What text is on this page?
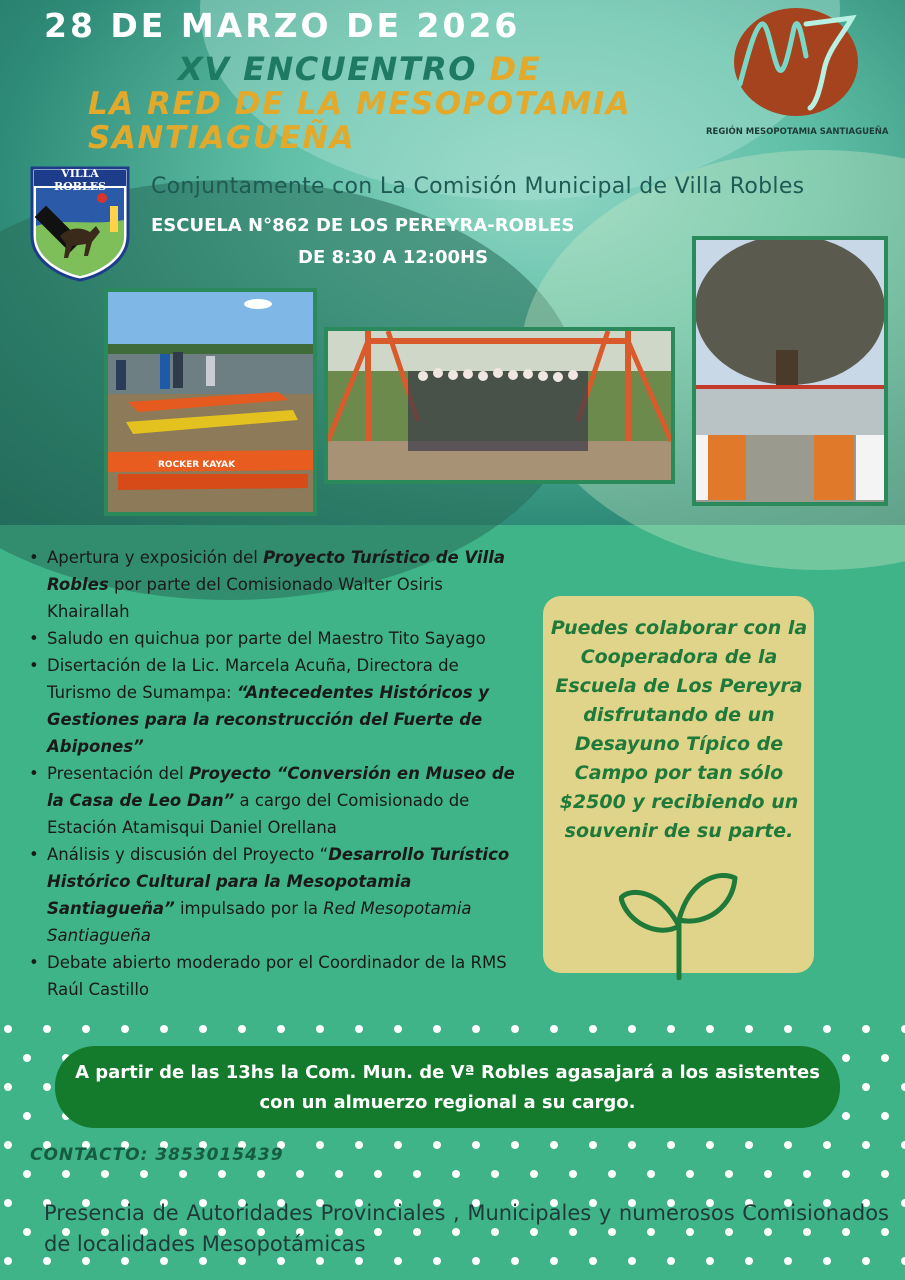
28 DE MARZO DE 2026
XV ENCUENTRO DE
LA RED DE LA MESOPOTAMIA
SANTIAGUEÑA	REGIÓN MESOPOTAMIA SANTIAGUEÑA
VILLA ROBLES	Conjuntamente con La Comisión Municipal de Villa Robles
ESCUELA N°862 DE LOS PEREYRA-ROBLES
DE 8:30 A 12:00HS
ROCKER KAYAK
• Apertura y exposición del Proyecto Turístico de Villa Robles por parte del Comisionado Walter Osiris Khairallah
• Saludo en quichua por parte del Maestro Tito Sayago
• Disertación de la Lic. Marcela Acuña, Directora de Turismo de Sumampa: “Antecedentes Históricos y Gestiones para la reconstrucción del Fuerte de Abipones”
• Presentación del Proyecto “Conversión en Museo de la Casa de Leo Dan” a cargo del Comisionado de Estación Atamisqui Daniel Orellana
• Análisis y discusión del Proyecto “Desarrollo Turístico Histórico Cultural para la Mesopotamia Santiagueña” impulsado por la Red Mesopotamia Santiagueña
• Debate abierto moderado por el Coordinador de la RMS Raúl Castillo
Puedes colaborar con la Cooperadora de la Escuela de Los Pereyra disfrutando de un Desayuno Típico de Campo por tan sólo $2500 y recibiendo un souvenir de su parte.
A partir de las 13hs la Com. Mun. de Vª Robles agasajará a los asistentes
con un almuerzo regional a su cargo.
CONTACTO: 3853015439
Presencia de Autoridades Provinciales , Municipales y numerosos Comisionados de localidades Mesopotámicas
